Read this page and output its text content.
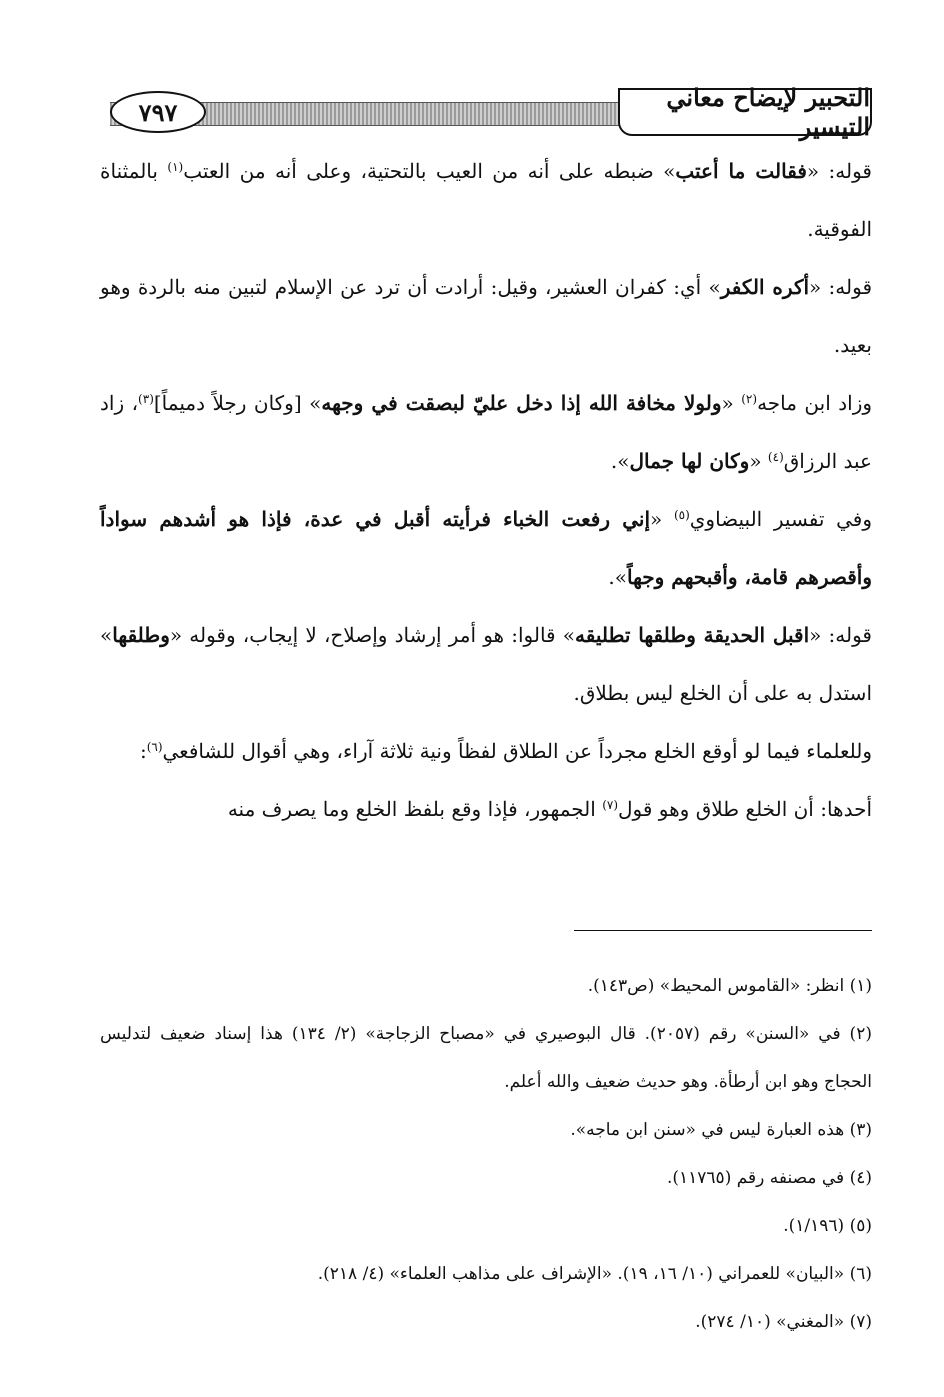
التحبير لإيضاح معاني التيسير
٧٩٧

قوله: «فقالت ما أعتب» ضبطه على أنه من العيب بالتحتية، وعلى أنه من العتب$^{(١)}$ بالمثناة الفوقية.

قوله: «أكره الكفر» أي: كفران العشير، وقيل: أرادت أن ترد عن الإسلام لتبين منه بالردة وهو بعيد.

وزاد ابن ماجه$^{(٢)}$ «ولولا مخافة الله إذا دخل عليّ لبصقت في وجهه» [وكان رجلاً دميماً]$^{(٣)}$، زاد عبد الرزاق$^{(٤)}$ «وكان لها جمال».

وفي تفسير البيضاوي$^{(٥)}$ «إني رفعت الخباء فرأيته أقبل في عدة، فإذا هو أشدهم سواداً وأقصرهم قامة، وأقبحهم وجهاً».

قوله: «اقبل الحديقة وطلقها تطليقه» قالوا: هو أمر إرشاد وإصلاح، لا إيجاب، وقوله «وطلقها» استدل به على أن الخلع ليس بطلاق.

وللعلماء فيما لو أوقع الخلع مجرداً عن الطلاق لفظاً ونية ثلاثة آراء، وهي أقوال للشافعي$^{(٦)}$:

أحدها: أن الخلع طلاق وهو قول$^{(٧)}$ الجمهور، فإذا وقع بلفظ الخلع وما يصرف منه

(١) انظر: «القاموس المحيط» (ص١٤٣).

(٢) في «السنن» رقم (٢٠٥٧). قال البوصيري في «مصباح الزجاجة» (٢/ ١٣٤) هذا إسناد ضعيف لتدليس الحجاج وهو ابن أرطأة. وهو حديث ضعيف والله أعلم.

(٣) هذه العبارة ليس في «سنن ابن ماجه».

(٤) في مصنفه رقم (١١٧٦٥).

(٥) (١/١٩٦).

(٦) «البيان» للعمراني (١٠/ ١٦، ١٩). «الإشراف على مذاهب العلماء» (٤/ ٢١٨).

(٧) «المغني» (١٠/ ٢٧٤).
